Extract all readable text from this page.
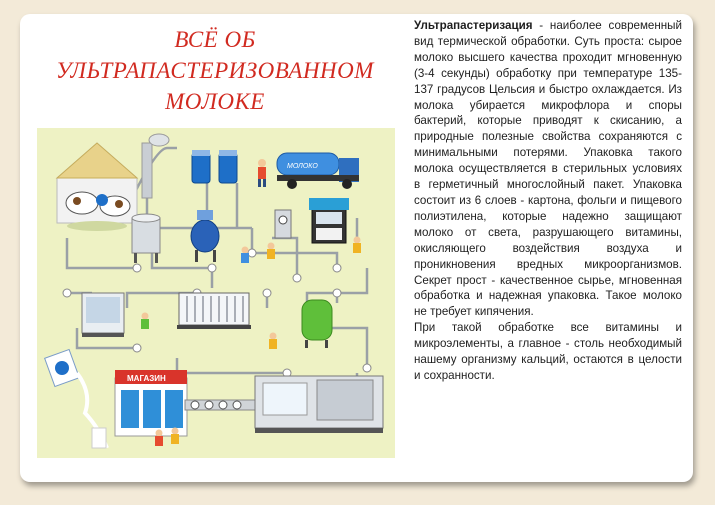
ВСЁ ОБ
УЛЬТРАПАСТЕРИЗОВАННОМ
МОЛОКЕ
МОЛОКО
МАГАЗИН

Ультрапастеризация - наиболее современный вид термической обработки. Суть проста: сырое молоко высшего качества проходит мгновенную (3-4 секунды) обработку при температуре 135-137 градусов Цельсия и быстро охлаждается. Из молока убирается микрофлора и споры бактерий, которые приводят к скисанию, а природные полезные свойства сохраняются с минимальными потерями. Упаковка такого молока осуществляется в стерильных условиях в герметичный многослойный пакет. Упаковка состоит из 6 слоев - картона, фольги и пищевого полиэтилена, которые надежно защищают молоко от света, разрушающего витамины, окисляющего воздействия воздуха и проникновения вредных микроорганизмов. Секрет прост - качественное сырье, мгновенная обработка и надежная упаковка. Такое молоко не требует кипячения.

При такой обработке все витамины и микроэлементы, а главное - столь необходимый нашему организму кальций, остаются в целости и сохранности.
